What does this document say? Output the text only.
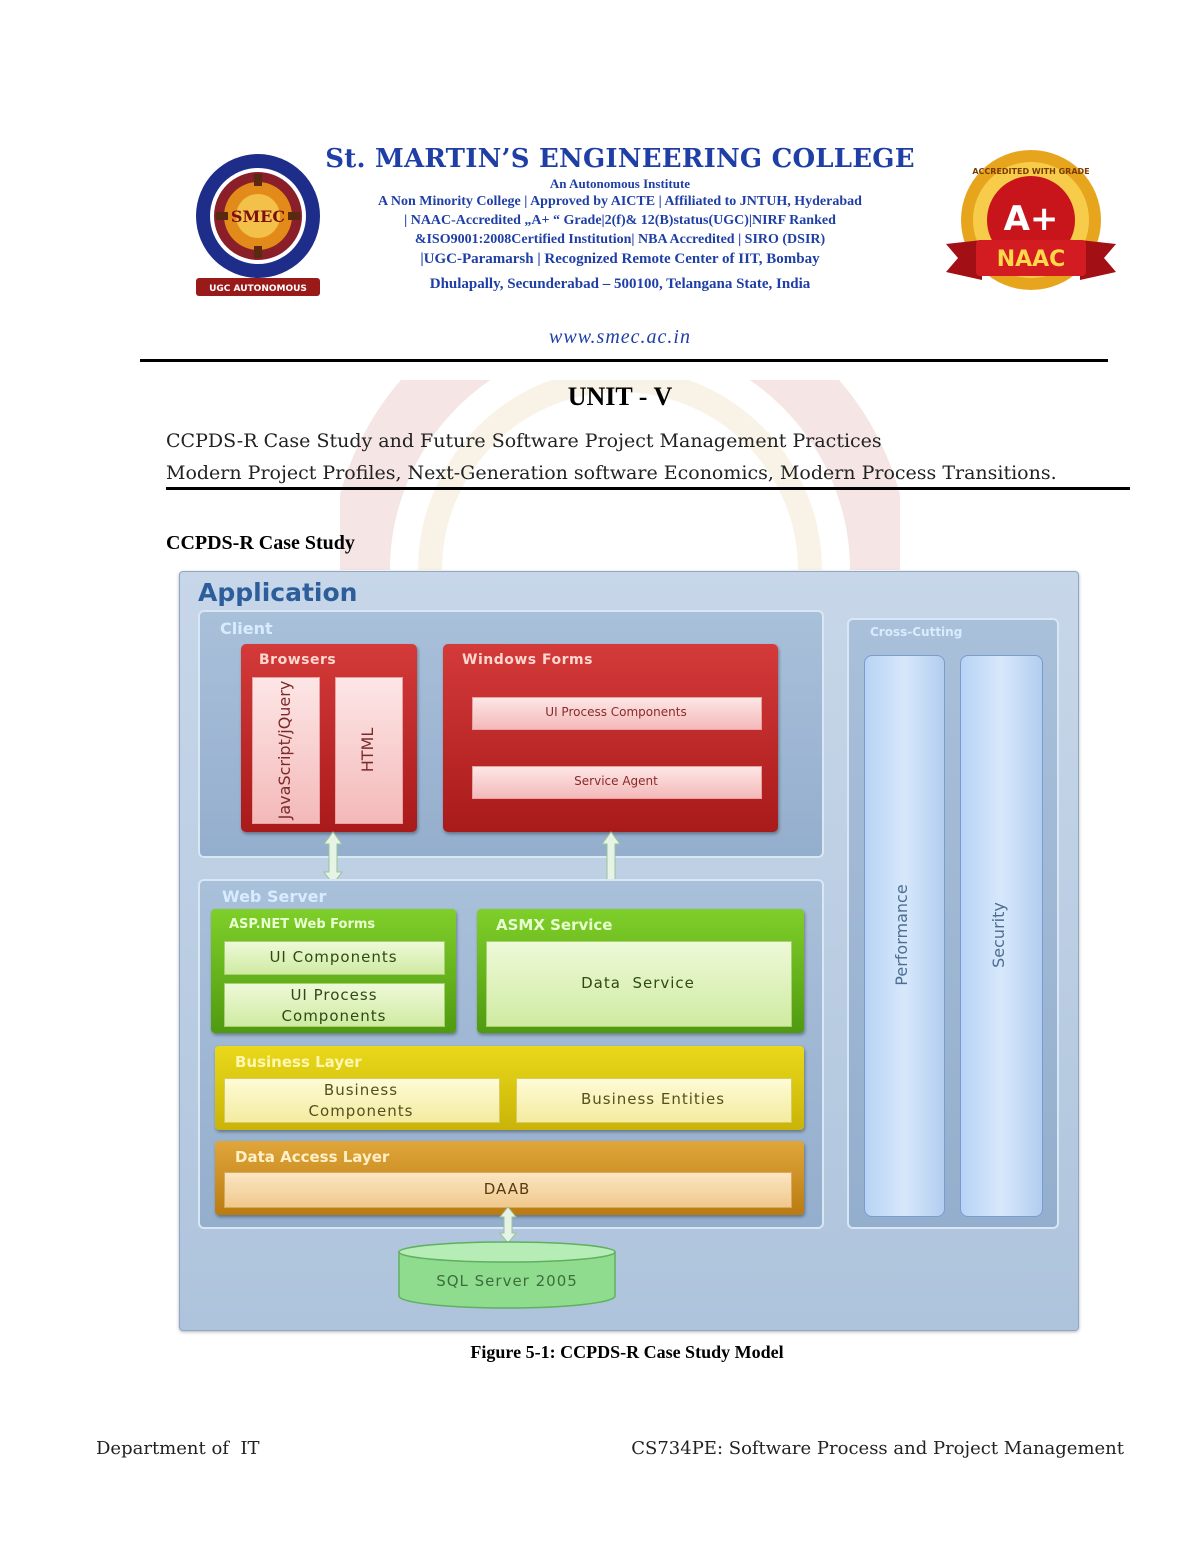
SMEC
UGC AUTONOMOUS
ACCREDITED WITH GRADE
A+
NAAC
St. MARTIN’S ENGINEERING COLLEGE
An Autonomous Institute
A Non Minority College | Approved by AICTE | Affiliated to JNTUH, Hyderabad
| NAAC-Accredited „A+ “ Grade|2(f)& 12(B)status(UGC)|NIRF Ranked
&ISO9001:2008Certified Institution| NBA Accredited | SIRO (DSIR)
|UGC-Paramarsh | Recognized Remote Center of IIT, Bombay
Dhulapally, Secunderabad – 500100, Telangana State, India
www.smec.ac.in
UNIT - V
CCPDS-R Case Study and Future Software Project Management Practices
Modern Project Profiles, Next-Generation software Economics, Modern Process Transitions.
CCPDS-R Case Study
Application
Client
Browsers
JavaScript/jQuery	HTML
Windows Forms
UI Process Components
Service Agent
Web Server
ASP.NET Web Forms
UI Components
UI Process Components
ASMX Service
Data  Service
Business Layer
Business Components
Business Entities
Data Access Layer
DAAB
Cross-Cutting
Performance	Security
SQL Server 2005
Figure 5-1: CCPDS-R Case Study Model
Department of  IT	CS734PE: Software Process and Project Management
